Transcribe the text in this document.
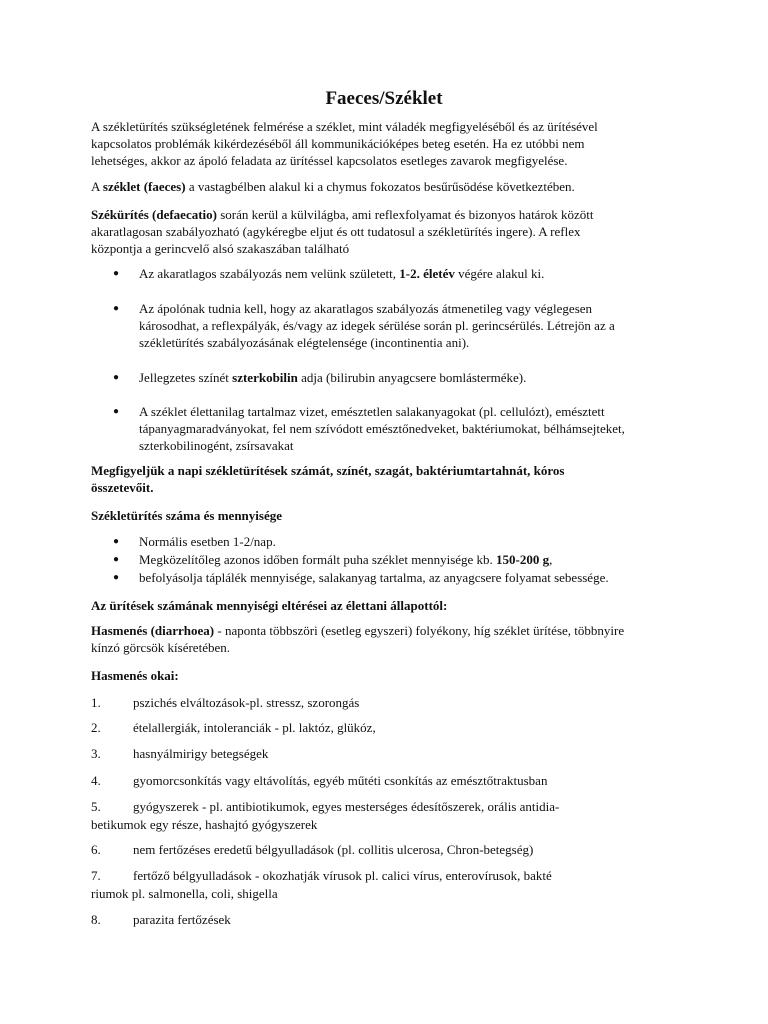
Faeces/Széklet
A székletürítés szükségletének felmérése a széklet, mint váladék megfigyeléséből és az ürítésével
kapcsolatos problémák kikérdezéséből áll kommunikációképes beteg esetén. Ha ez utóbbi nem
lehetséges, akkor az ápoló feladata az ürítéssel kapcsolatos esetleges zavarok megfigyelése.
A széklet (faeces) a vastagbélben alakul ki a chymus fokozatos besűrűsödése következtében.
Székürítés (defaecatio) során kerül a külvilágba, ami reflexfolyamat és bizonyos határok között
akaratlagosan szabályozható (agykéregbe eljut és ott tudatosul a székletürítés ingere). A reflex
központja a gerincvelő alsó szakaszában található
● Az akaratlagos szabályozás nem velünk született, 1-2. életév végére alakul ki.
● Az ápolónak tudnia kell, hogy az akaratlagos szabályozás átmenetileg vagy véglegesen
károsodhat, a reflexpályák, és/vagy az idegek sérülése során pl. gerincsérülés. Létrejön az a
székletürítés szabályozásának elégtelensége (incontinentia ani).
● Jellegzetes színét szterkobilin adja (bilirubin anyagcsere bomlásterméke).
● A széklet élettanilag tartalmaz vizet, emésztetlen salakanyagokat (pl. cellulózt), emésztett
tápanyagmaradványokat, fel nem szívódott emésztőnedveket, baktériumokat, bélhámsejteket,
szterkobilinogént, zsírsavakat
Megfigyeljük a napi székletürítések számát, színét, szagát, baktériumtartahnát, kóros
összetevőit.
Székletürítés száma és mennyisége
● Normális esetben 1-2/nap.
● Megközelítőleg azonos időben formált puha széklet mennyisége kb. 150-200 g,
● befolyásolja táplálék mennyisége, salakanyag tartalma, az anyagcsere folyamat sebessége.
Az ürítések számának mennyiségi eltérései az élettani állapottól:
Hasmenés (diarrhoea) - naponta többszöri (esetleg egyszeri) folyékony, híg széklet ürítése, többnyire
kínzó görcsök kíséretében.
Hasmenés okai:
1. pszichés elváltozások-pl. stressz, szorongás
2. ételallergiák, intoleranciák - pl. laktóz, glükóz,
3. hasnyálmirigy betegségek
4. gyomorcsonkítás vagy eltávolítás, egyéb műtéti csonkítás az emésztőtraktusban
5. gyógyszerek - pl. antibiotikumok, egyes mesterséges édesítőszerek, orális antidia-
betikumok egy része, hashajtó gyógyszerek
6. nem fertőzéses eredetű bélgyulladások (pl. collitis ulcerosa, Chron-betegség)
7. fertőző bélgyulladások - okozhatják vírusok pl. calici vírus, enterovírusok, bakté
riumok pl. salmonella, coli, shigella
8. parazita fertőzések
